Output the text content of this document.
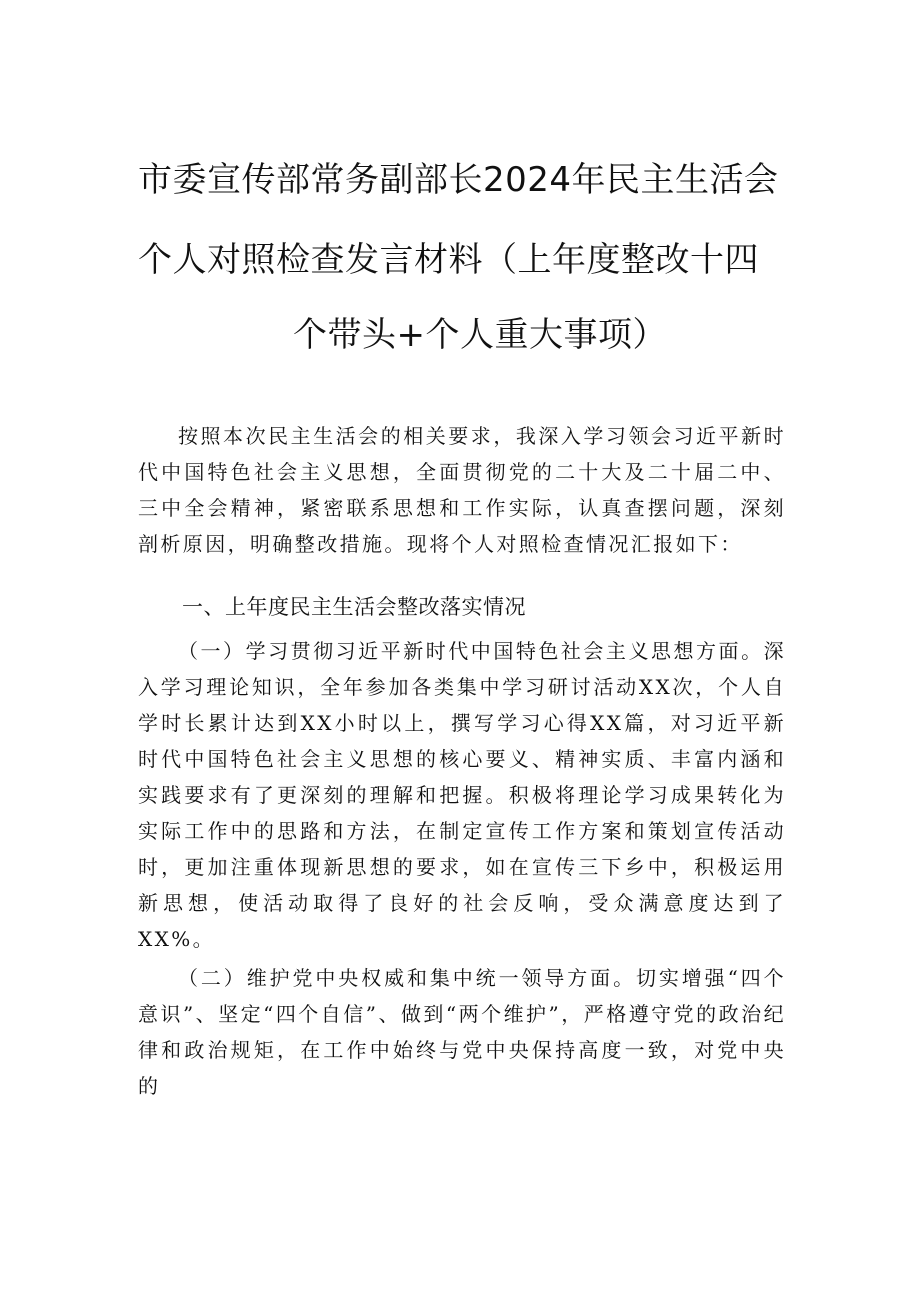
市委宣传部常务副部长2024年民主生活会
个人对照检查发言材料（上年度整改十四
个带头+个人重大事项）
按照本次民主生活会的相关要求，我深入学习领会习近平新时代中国特色社会主义思想，全面贯彻党的二十大及二十届二中、三中全会精神，紧密联系思想和工作实际，认真查摆问题，深刻剖析原因，明确整改措施。现将个人对照检查情况汇报如下：
一、上年度民主生活会整改落实情况
（一）学习贯彻习近平新时代中国特色社会主义思想方面。深入学习理论知识，全年参加各类集中学习研讨活动XX次，个人自学时长累计达到XX小时以上，撰写学习心得XX篇，对习近平新时代中国特色社会主义思想的核心要义、精神实质、丰富内涵和实践要求有了更深刻的理解和把握。积极将理论学习成果转化为实际工作中的思路和方法，在制定宣传工作方案和策划宣传活动时，更加注重体现新思想的要求，如在宣传三下乡中，积极运用新思想，使活动取得了良好的社会反响，受众满意度达到了XX%。
（二）维护党中央权威和集中统一领导方面。切实增强“四个意识”、坚定“四个自信”、做到“两个维护”，严格遵守党的政治纪律和政治规矩，在工作中始终与党中央保持高度一致，对党中央的
